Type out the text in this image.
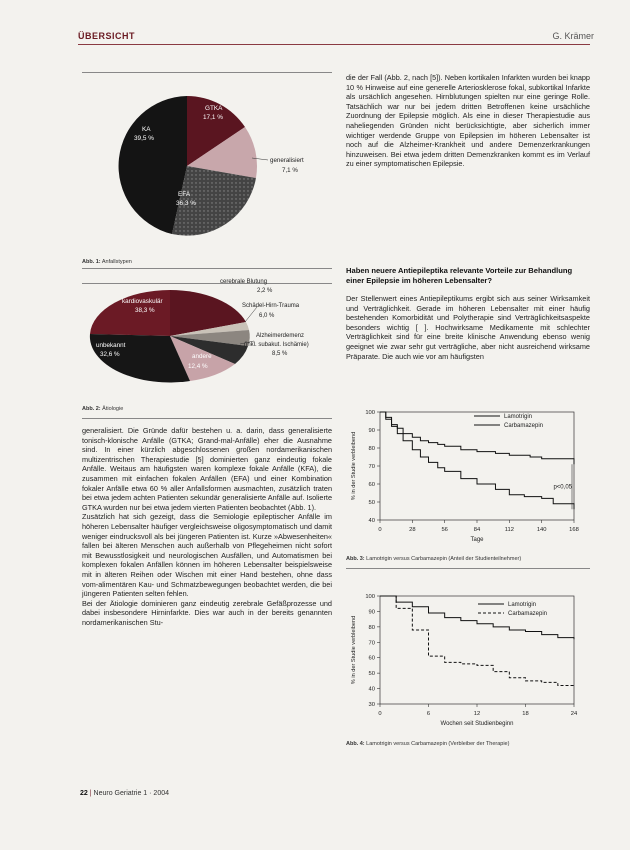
ÜBERSICHT	G. Krämer
GTKA
17,1 %
KA
39,5 %
EFA
36,3 %
generalisiert
7,1 %
Abb. 1: Anfallstypen
kardiovaskulär
38,3 %
unbekannt
32,6 %	andere
12,4 %
cerebrale Blutung
2,2 %
Schädel-Hirn-Trauma
6,0 %
Alzheimerdemenz
(inkl. subakut. Ischämie)
8,5 %
Abb. 2: Ätiologie

generalisiert. Die Gründe dafür bestehen u. a. darin, dass generalisierte tonisch-klonische Anfälle (GTKA; Grand-mal-Anfälle) eher die Ausnahme sind. In einer kürzlich abgeschlossenen großen nordamerikanischen multizentrischen Therapiestudie [5] dominierten ganz eindeutig fokale Anfälle. Weitaus am häufigsten waren komplexe fokale Anfälle (KFA), die zusammen mit einfachen fokalen Anfällen (EFA) und einer Kombination fokaler Anfälle etwa 60 % aller Anfallsformen ausmachten, zusätzlich traten bei etwa jedem achten Patienten sekundär generalisierte Anfälle auf. Isolierte GTKA wurden nur bei etwa jedem vierten Patienten beobachtet (Abb. 1).

Zusätzlich hat sich gezeigt, dass die Semiologie epileptischer Anfälle im höheren Lebensalter häufiger vergleichsweise oligosymptomatisch und damit weniger eindrucksvoll als bei jüngeren Patienten ist. Kurze »Abwesenheiten« fallen bei älteren Menschen auch außerhalb von Pflegeheimen nicht sofort mit Bewusstlosigkeit und neurologischen Ausfällen, und Automatismen bei komplexen fokalen Anfällen können im höheren Lebensalter beispielsweise mit in älteren Reihen oder Wischen mit einer Hand bestehen, ohne dass vom-alimentären Kau- und Schmatzbewegungen beobachtet werden, die bei jüngeren Patienten selten fehlen.

Bei der Ätiologie dominieren ganz eindeutig zerebrale Gefäßprozesse und dabei insbesondere Hirninfarkte. Dies war auch in der bereits genannten nordamerikanischen Stu-

die der Fall (Abb. 2, nach [5]). Neben kortikalen Infarkten wurden bei knapp 10 % Hinweise auf eine generelle Arteriosklerose fokal, subkortikal Infarkte als ursächlich angesehen. Hirnblutungen spielten nur eine geringe Rolle. Tatsächlich war nur bei jedem dritten Betroffenen keine ursächliche Zuordnung der Epilepsie möglich. Als eine in dieser Therapiestudie aus naheliegenden Gründen nicht berücksichtigte, aber sicherlich immer wichtiger werdende Gruppe von Epilepsien im höheren Lebensalter ist noch auf die Alzheimer-Krankheit und andere Demenzerkrankungen hinzuweisen. Bei etwa jedem dritten Demenzkranken kommt es im Verlauf zu einer symptomatischen Epilepsie.
Haben neuere Antiepileptika relevante Vorteile zur Behandlung einer Epilepsie im höheren Lebensalter?
Der Stellenwert eines Antiepileptikums ergibt sich aus seiner Wirksamkeit und Verträglichkeit. Gerade im höheren Lebensalter mit einer häufig bestehenden Komorbidität und Polytherapie sind Verträglichkeitsaspekte besonders wichtig [ ]. Hochwirksame Medikamente mit schlechter Verträglichkeit sind für eine breite klinische Anwendung ebenso wenig geeignet wie zwar sehr gut verträgliche, aber nicht ausreichend wirksame Präparate. Die auch wie vor am häufigsten
100
90
80
70
60
50
40
0	28	56	84	112	140	168
Tage
% in der Studie verbleibend
Lamotrigin
Carbamazepin
p<0,05
Abb. 3: Lamotrigin versus Carbamazepin (Anteil der Studienteilnehmer)
100
90
80
70
60
50
40
30
0	6	12	18	24
Wochen seit Studienbeginn
% in der Studie verbleibend
Lamotrigin
Carbamazepin
Abb. 4: Lamotrigin versus Carbamazepin (Verbleiber der Therapie)
22 | Neuro Geriatrie 1 · 2004
